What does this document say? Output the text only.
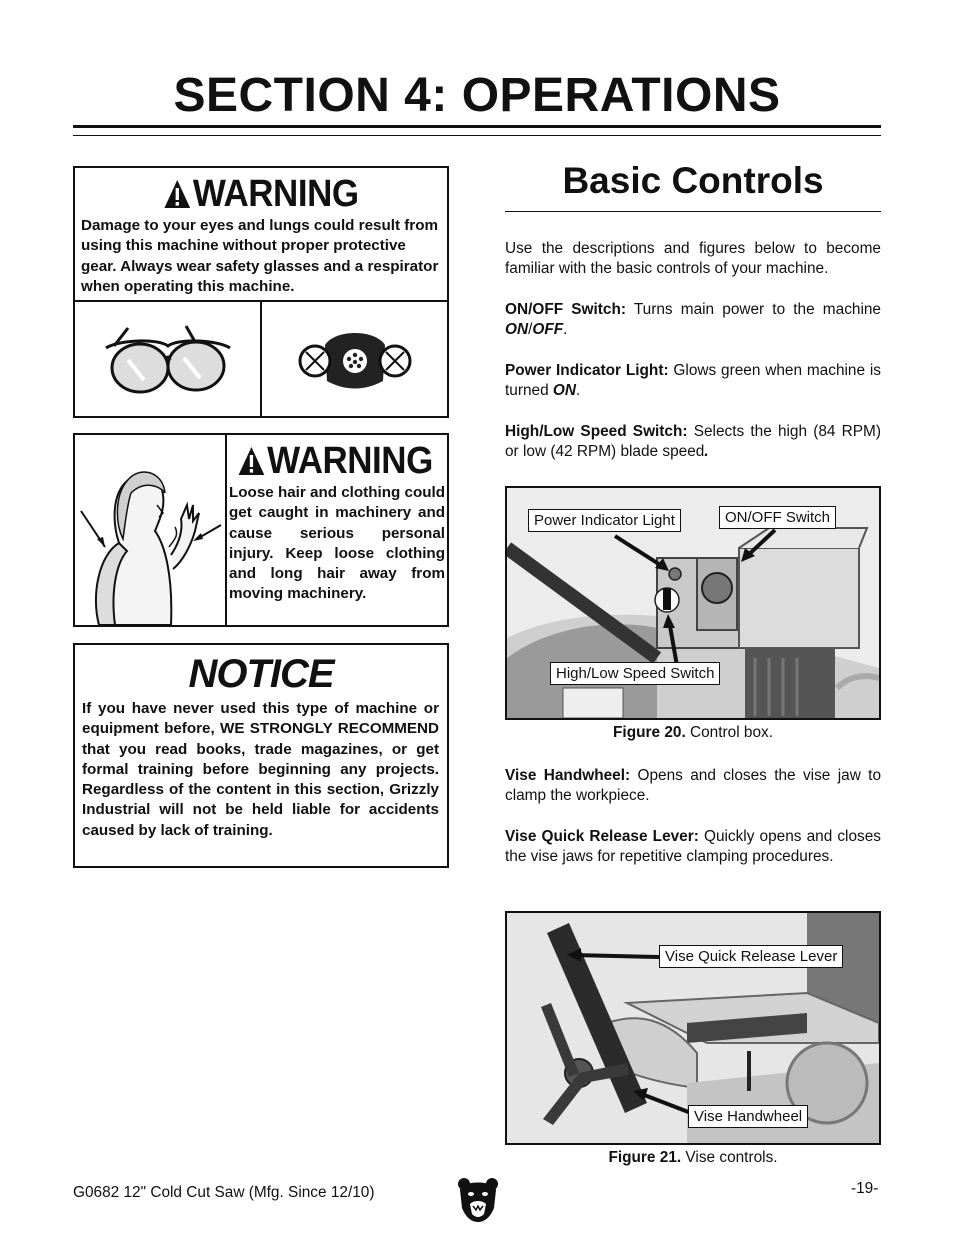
SECTION 4: OPERATIONS
WARNING
Damage to your eyes and lungs could result from using this machine without proper protective gear. Always wear safety glasses and a respirator when operating this machine.
WARNING
Loose hair and clothing could get caught in machinery and cause serious personal injury. Keep loose clothing and long hair away from moving machinery.
NOTICE
If you have never used this type of machine or equipment before, WE STRONGLY RECOMMEND that you read books, trade magazines, or get formal training before beginning any projects. Regardless of the content in this section, Grizzly Industrial will not be held liable for accidents caused by lack of training.
Basic Controls
Use the descriptions and figures below to become familiar with the basic controls of your machine.
ON/OFF Switch: Turns main power to the machine ON/OFF.
Power Indicator Light: Glows green when machine is turned ON.
High/Low Speed Switch: Selects the high (84 RPM) or low (42 RPM) blade speed.
Power Indicator Light	ON/OFF Switch
High/Low Speed Switch
Figure 20. Control box.
Vise Handwheel: Opens and closes the vise jaw to clamp the workpiece.
Vise Quick Release Lever: Quickly opens and closes the vise jaws for repetitive clamping procedures.
Vise Quick Release Lever
Vise Handwheel
Figure 21. Vise controls.
G0682 12" Cold Cut Saw (Mfg. Since 12/10)	-19-
